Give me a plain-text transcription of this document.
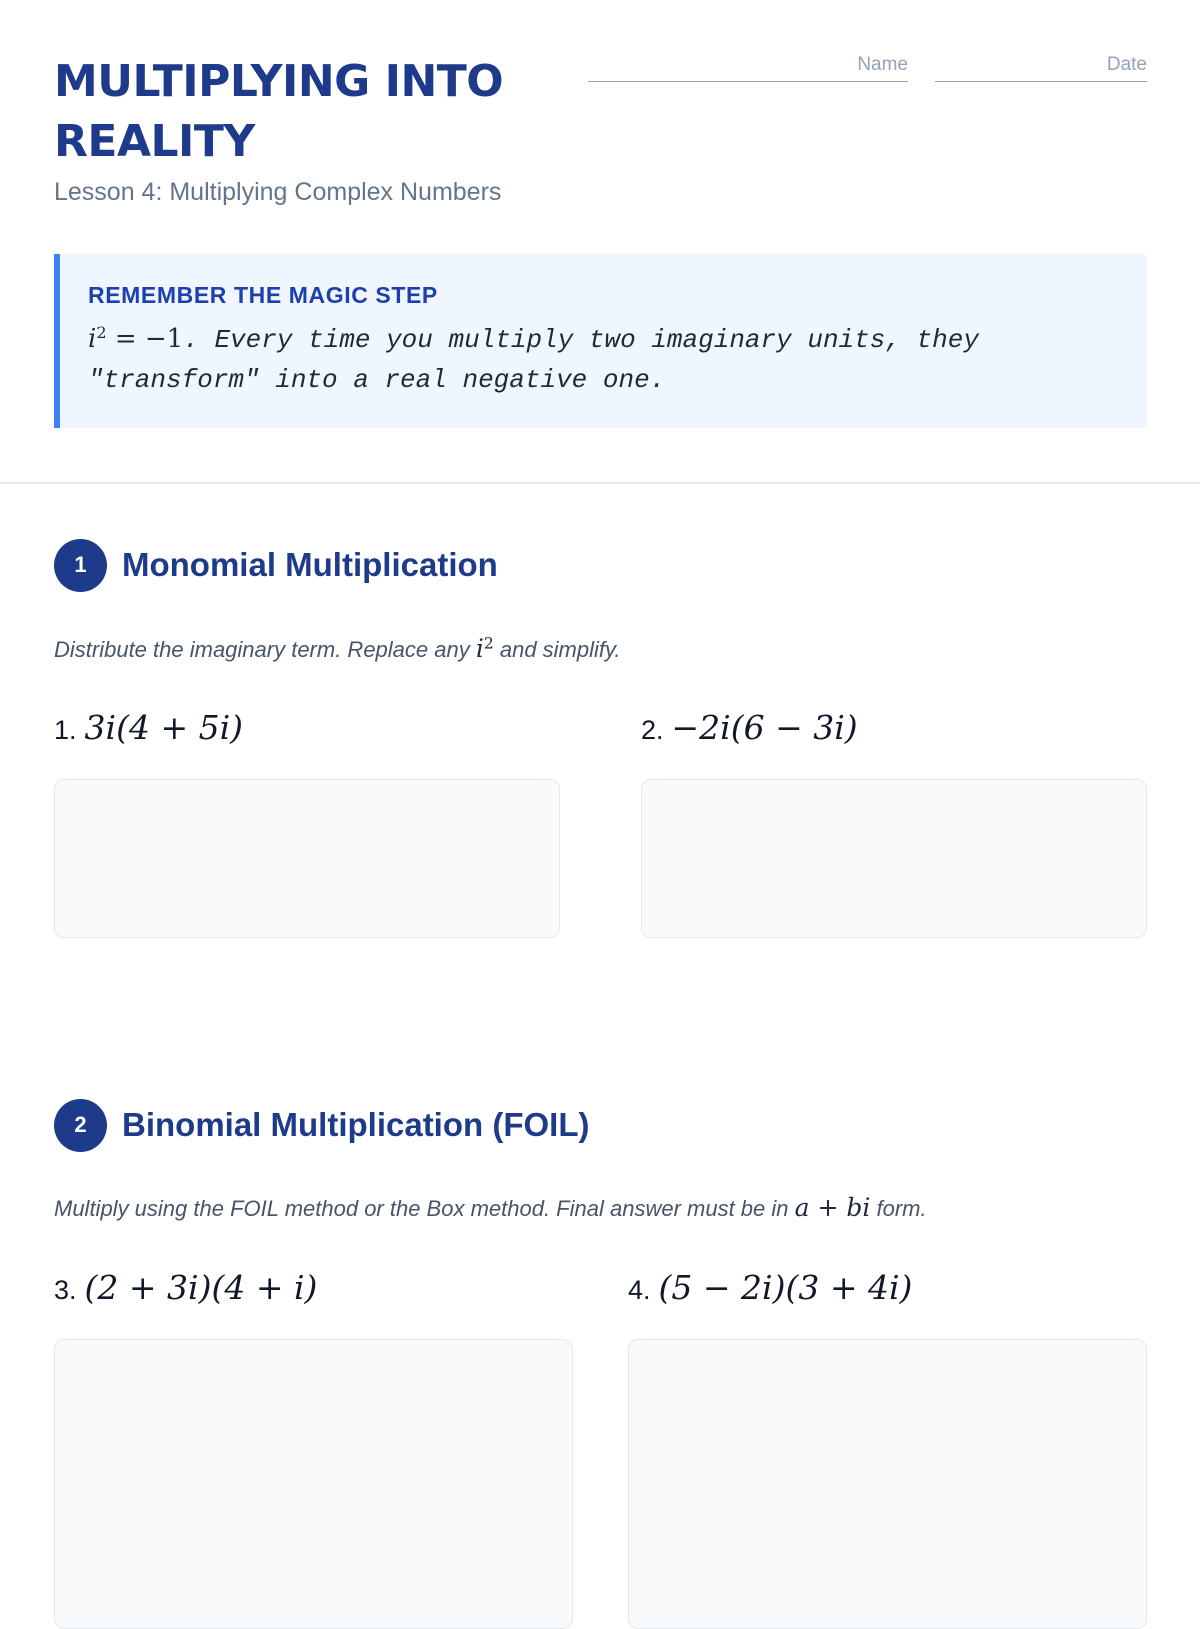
MULTIPLYING INTO
REALITY

Lesson 4: Multiplying Complex Numbers

Name	Date

REMEMBER THE MAGIC STEP

$i^2 = -1$. Every time you multiply two imaginary units, they "transform" into a real negative one.

1	Monomial Multiplication

Distribute the imaginary term. Replace any $i^2$ and simplify.

1. 3i(4 + 5i)	2. −2i(6 − 3i)

2	Binomial Multiplication (FOIL)

Multiply using the FOIL method or the Box method. Final answer must be in a + bi form.

3. (2 + 3i)(4 + i)	4. (5 − 2i)(3 + 4i)
